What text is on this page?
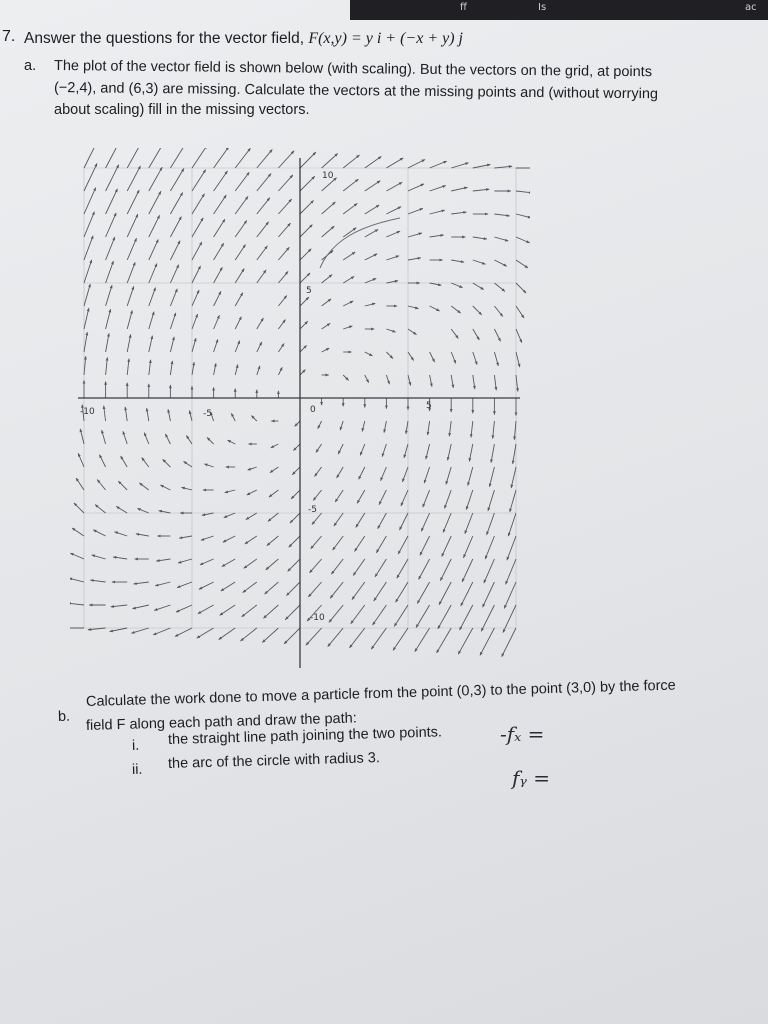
ff	Is	ac
7. Answer the questions for the vector field, F(x,y) = y i + (−x + y) j
a. The plot of the vector field is shown below (with scaling). But the vectors on the grid, at points
(−2,4), and (6,3) are missing. Calculate the vectors at the missing points and (without worrying
about scaling) fill in the missing vectors.
10
5
0
-5
-10
-10	-5
5
b.
Calculate the work done to move a particle from the point (0,3) to the point (3,0) by the force
field F along each path and draw the path:
i. the straight line path joining the two points.
ii. the arc of the circle with radius 3.
-fₓ =
fᵧ =
